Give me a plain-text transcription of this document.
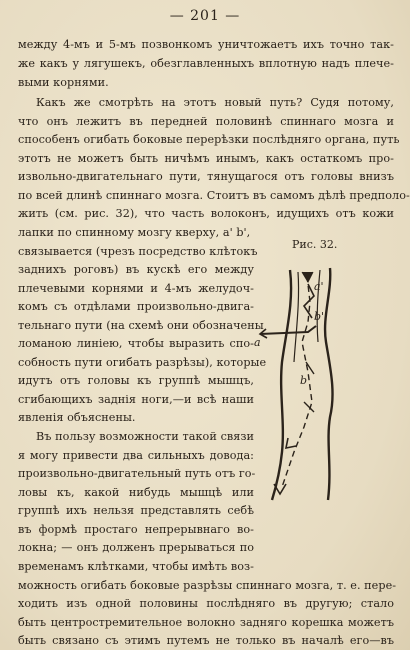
— 201 —
между 4-мъ и 5-мъ позвонкомъ уничтожаетъ ихъ точно так-
же какъ у лягушекъ, обезглавленныхъ вплотную надъ плече-
выми корнями.
Какъ же смотрѣть на этотъ новый путь? Судя потому,
что онъ лежитъ въ передней половинѣ спиннаго мозга и
способенъ огибать боковые перерѣзки послѣдняго органа, путь
этотъ не можетъ быть ничѣмъ инымъ, какъ остаткомъ про-
извольно-двигательнаго пути, тянущагося отъ головы внизъ
по всей длинѣ спиннаго мозга. Стоитъ въ самомъ дѣлѣ предполо-
жить (см. рис. 32), что часть волоконъ, идущихъ отъ кожи
лапки по спинному мозгу кверху, a' b',
связывается (чрезъ посредство клѣтокъ
заднихъ роговъ) въ кускѣ его между
плечевыми корнями и 4-мъ желудоч-
комъ съ отдѣлами произвольно-двига-
тельнаго пути (на схемѣ они обозначены
ломаною линіею, чтобы выразить спо-
собность пути огибать разрѣзы), которые
идутъ отъ головы къ группѣ мышцъ,
сгибающихъ заднія ноги,—и всѣ наши
явленія объяснены.
Въ пользу возможности такой связи
я могу привести два сильныхъ довода:
произвольно-двигательный путь отъ го-
ловы къ, какой нибудь мышцѣ или
группѣ ихъ нельзя представлять себѣ
въ формѣ простаго непрерывнаго во-
локна; — онъ долженъ прерываться по
временамъ клѣтками, чтобы имѣть воз-
можность огибать боковые разрѣзы спиннаго мозга, т. е. пере-
ходить изъ одной половины послѣдняго въ другую; стало
быть центростремительное волокно задняго корешка можетъ
быть связано съ этимъ путемъ не только въ началѣ его—въ
Рис. 32.
a'
b'
a
b
